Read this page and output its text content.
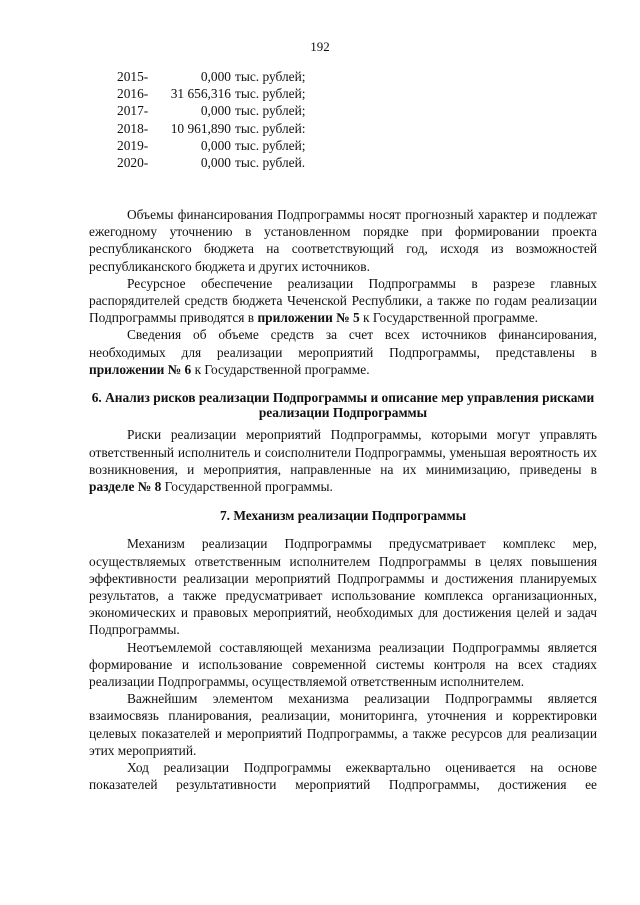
192
2015-	0,000 тыс. рублей;
2016-	31 656,316 тыс. рублей;
2017-	0,000 тыс. рублей;
2018-	10 961,890 тыс. рублей:
2019-	0,000 тыс. рублей;
2020-	0,000 тыс. рублей.

Объемы финансирования Подпрограммы носят прогнозный характер и подлежат ежегодному уточнению в установленном порядке при формировании проекта республиканского бюджета на соответствующий год, исходя из возможностей республиканского бюджета и других источников.

Ресурсное обеспечение реализации Подпрограммы в разрезе главных распорядителей средств бюджета Чеченской Республики, а также по годам реализации Подпрограммы приводятся в приложении № 5 к Государственной программе.

Сведения об объеме средств за счет всех источников финансирования, необходимых для реализации мероприятий Подпрограммы, представлены в приложении № 6 к Государственной программе.

6. Анализ рисков реализации Подпрограммы и описание мер управления рисками реализации Подпрограммы

Риски реализации мероприятий Подпрограммы, которыми могут управлять ответственный исполнитель и соисполнители Подпрограммы, уменьшая вероятность их возникновения, и мероприятия, направленные на их минимизацию, приведены в разделе № 8 Государственной программы.

7. Механизм реализации Подпрограммы

Механизм реализации Подпрограммы предусматривает комплекс мер, осуществляемых ответственным исполнителем Подпрограммы в целях повышения эффективности реализации мероприятий Подпрограммы и достижения планируемых результатов, а также предусматривает использование комплекса организационных, экономических и правовых мероприятий, необходимых для достижения целей и задач Подпрограммы.

Неотъемлемой составляющей механизма реализации Подпрограммы является формирование и использование современной системы контроля на всех стадиях реализации Подпрограммы, осуществляемой ответственным исполнителем.

Важнейшим элементом механизма реализации Подпрограммы является взаимосвязь планирования, реализации, мониторинга, уточнения и корректировки целевых показателей и мероприятий Подпрограммы, а также ресурсов для реализации этих мероприятий.

Ход реализации Подпрограммы ежеквартально оценивается на основе показателей результативности мероприятий Подпрограммы, достижения ее
